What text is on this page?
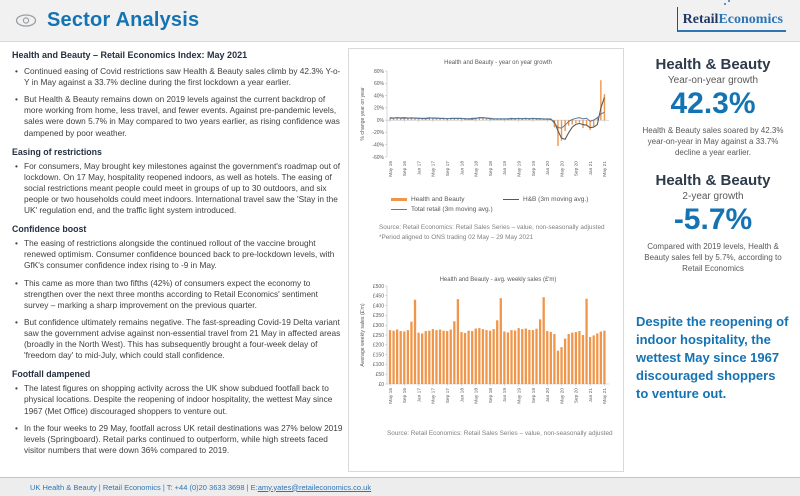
Sector Analysis	RetailEconomics
Health and Beauty – Retail Economics Index: May 2021
• Continued easing of Covid restrictions saw Health & Beauty sales climb by 42.3% Y-o-Y in May against a 33.7% decline during the first lockdown a year earlier.
• But Health & Beauty remains down on 2019 levels against the current backdrop of more working from home, less travel, and fewer events. Against pre-pandemic levels, sales were down 5.7% in May compared to two years earlier, as rising confidence was dampened by poor weather.
Easing of restrictions
• For consumers, May brought key milestones against the government's roadmap out of lockdown. On 17 May, hospitality reopened indoors, as well as hotels. The easing of social restrictions meant people could meet in groups of up to 30 outdoors, and six people or two households could meet indoors. International travel saw the 'Stay in the UK' regulation end, and the traffic light system introduced.
Confidence boost
• The easing of restrictions alongside the continued rollout of the vaccine brought renewed optimism. Consumer confidence bounced back to pre-lockdown levels, with GfK's consumer confidence index rising to -9 in May.
• This came as more than two fifths (42%) of consumers expect the economy to strengthen over the next three months according to Retail Economics' sentiment survey – marking a sharp improvement on the previous quarter.
• But confidence ultimately remains negative. The fast-spreading Covid-19 Delta variant saw the government advise against non-essential travel from 21 May in affected areas (broadly in the North West). This has subsequently brought a four-week delay of 'freedom day' to mid-July, which could stall confidence.
Footfall dampened
• The latest figures on shopping activity across the UK show subdued footfall back to physical locations. Despite the reopening of indoor hospitality, the wettest May since 1967 (Met Office) discouraged shoppers to venture out.
• In the four weeks to 29 May, footfall across UK retail destinations was 27% below 2019 levels (Springboard). Retail parks continued to outperform, while high streets faced visitor numbers that were down 36% compared to 2019.
Health and Beauty - year on year growth
80%
60%
40%
20%
0%
-20%
-40%
-60%
% change year on year
May 16 Sep 16 Jan 17 May 17 Sep 17 Jan 18 May 18 Sep 18 Jan 19 May 19 Sep 19 Jan 20 May 20 Sep 20 Jan 21 May 21
Health and Beauty	H&B (3m moving avg.)
Total retail (3m moving avg.)
Source: Retail Economics: Retail Sales Series – value, non-seasonally adjusted
*Period aligned to ONS trading 02 May – 29 May 2021
Health and Beauty - avg. weekly sales (£'m)
£500
£450
£400
£350
£300
£250
£200
£150
£100
£50
£0
Average weekly sales (£'m)
May 16 Sep 16 Jan 17 May 17 Sep 17 Jan 18 May 18 Sep 18 Jan 19 May 19 Sep 19 Jan 20 May 20 Sep 20 Jan 21 May 21
Source: Retail Economics: Retail Sales Series – value, non-seasonally adjusted

Health & Beauty

Year-on-year growth

42.3%

Health & Beauty sales soared by 42.3% year-on-year in May against a 33.7% decline a year earlier.

Health & Beauty

2-year growth

-5.7%

Compared with 2019 levels, Health & Beauty sales fell by 5.7%, according to Retail Economics

Despite the reopening of indoor hospitality, the wettest May since 1967 discouraged shoppers to venture out.

UK Health & Beauty | Retail Economics | T: +44 (0)20 3633 3698 | E: amy.yates@retaileconomics.co.uk
